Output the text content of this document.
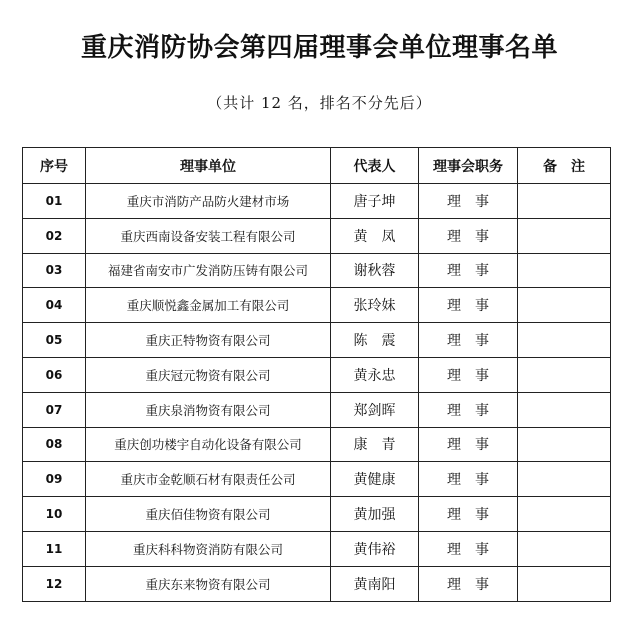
重庆消防协会第四届理事会单位理事名单
（共计 12 名，排名不分先后）
序号	理事单位	代表人	理事会职务	备　注
01	重庆市消防产品防火建材市场	唐子坤	理　事	
02	重庆西南设备安装工程有限公司	黄　凤	理　事	
03	福建省南安市广发消防压铸有限公司	谢秋蓉	理　事	
04	重庆顺悦鑫金属加工有限公司	张玲妹	理　事	
05	重庆正特物资有限公司	陈　震	理　事	
06	重庆冠元物资有限公司	黄永忠	理　事	
07	重庆泉消物资有限公司	郑剑晖	理　事	
08	重庆创功楼宇自动化设备有限公司	康　青	理　事	
09	重庆市金乾顺石材有限责任公司	黄健康	理　事	
10	重庆佰佳物资有限公司	黄加强	理　事	
11	重庆科科物资消防有限公司	黄伟裕	理　事	
12	重庆东来物资有限公司	黄南阳	理　事	
